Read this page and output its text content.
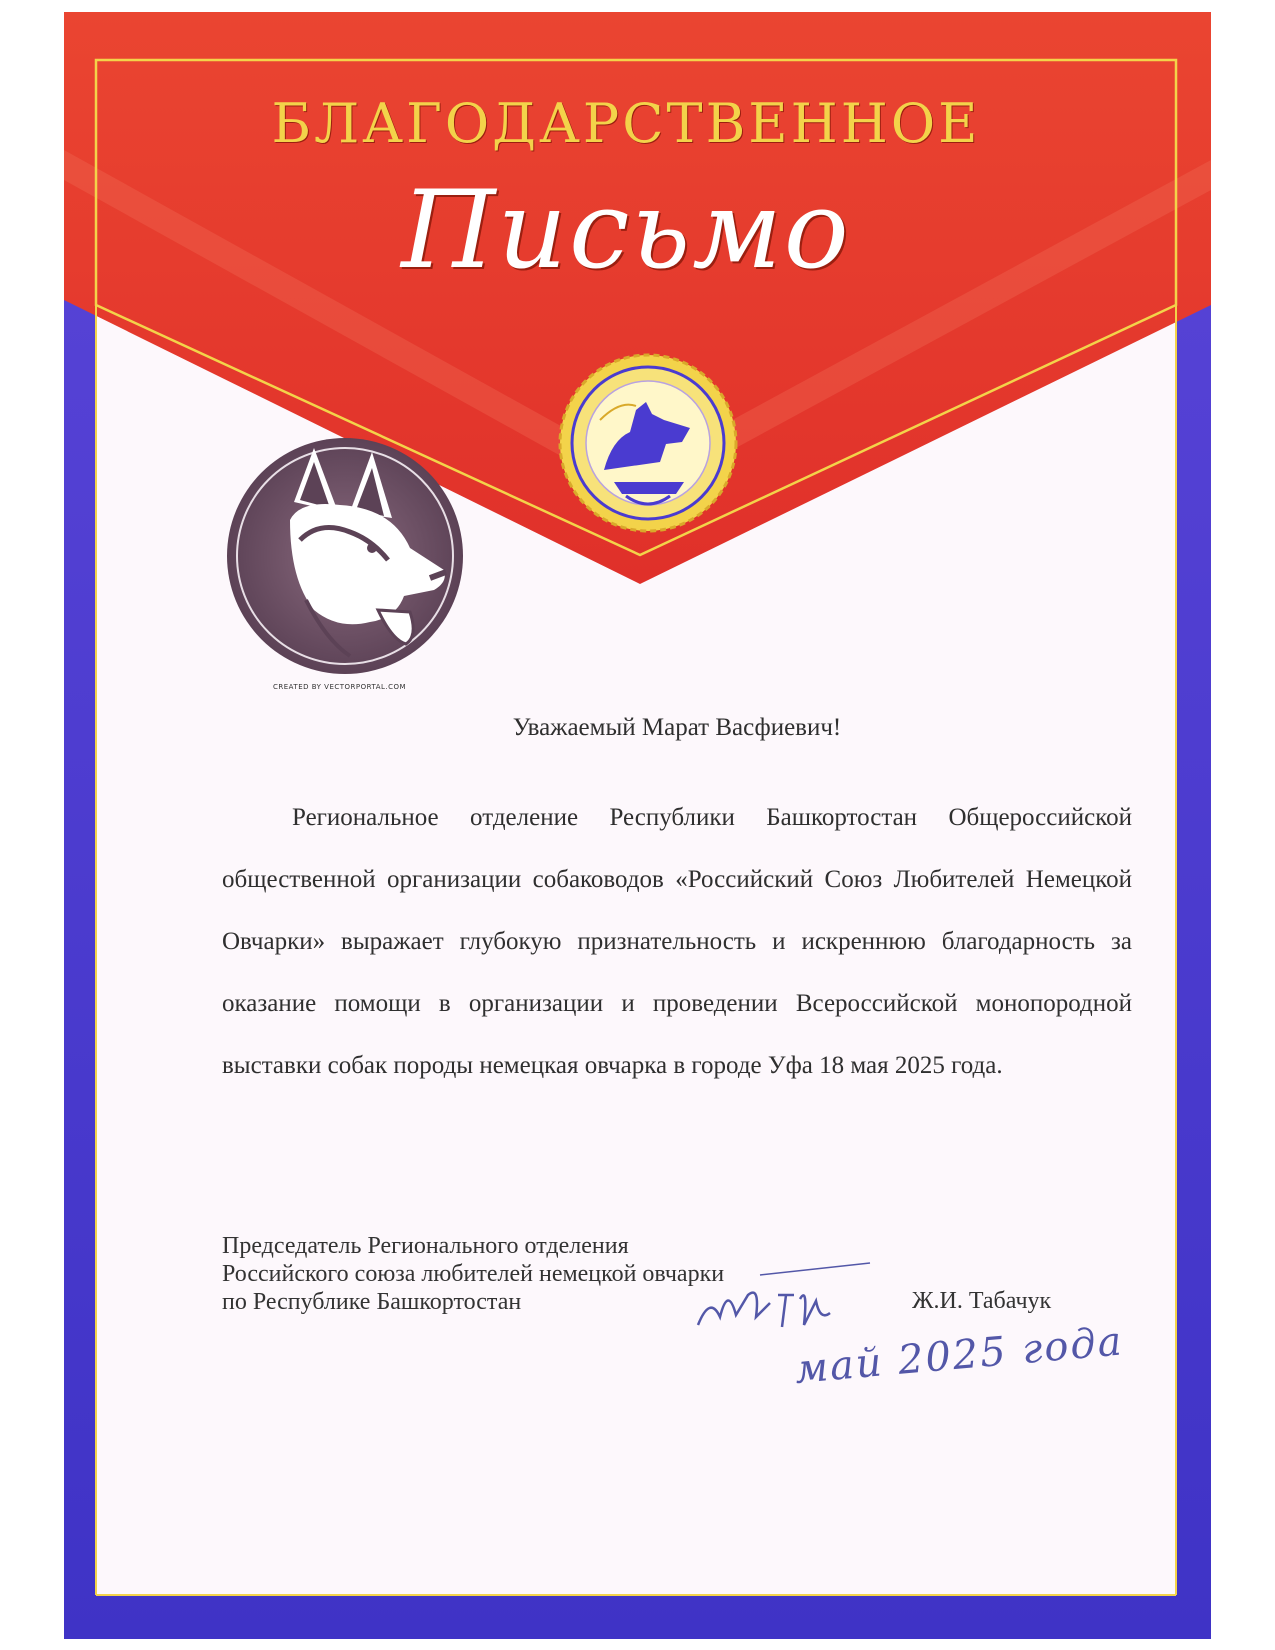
БЛАГОДАРСТВЕННОЕ
Письмо
CREATED BY VECTORPORTAL.COM
Уважаемый Марат Васфиевич!
Региональное отделение Республики Башкортостан Общероссийской общественной организации собаководов «Российский Союз Любителей Немецкой Овчарки» выражает глубокую признательность и искреннюю благодарность за оказание помощи в организации и проведении Всероссийской монопородной выставки собак породы немецкая овчарка в городе Уфа 18 мая 2025 года.
Председатель Регионального отделения
Российского союза любителей немецкой овчарки
по Республике Башкортостан	Ж.И. Табачук
май 2025 года
